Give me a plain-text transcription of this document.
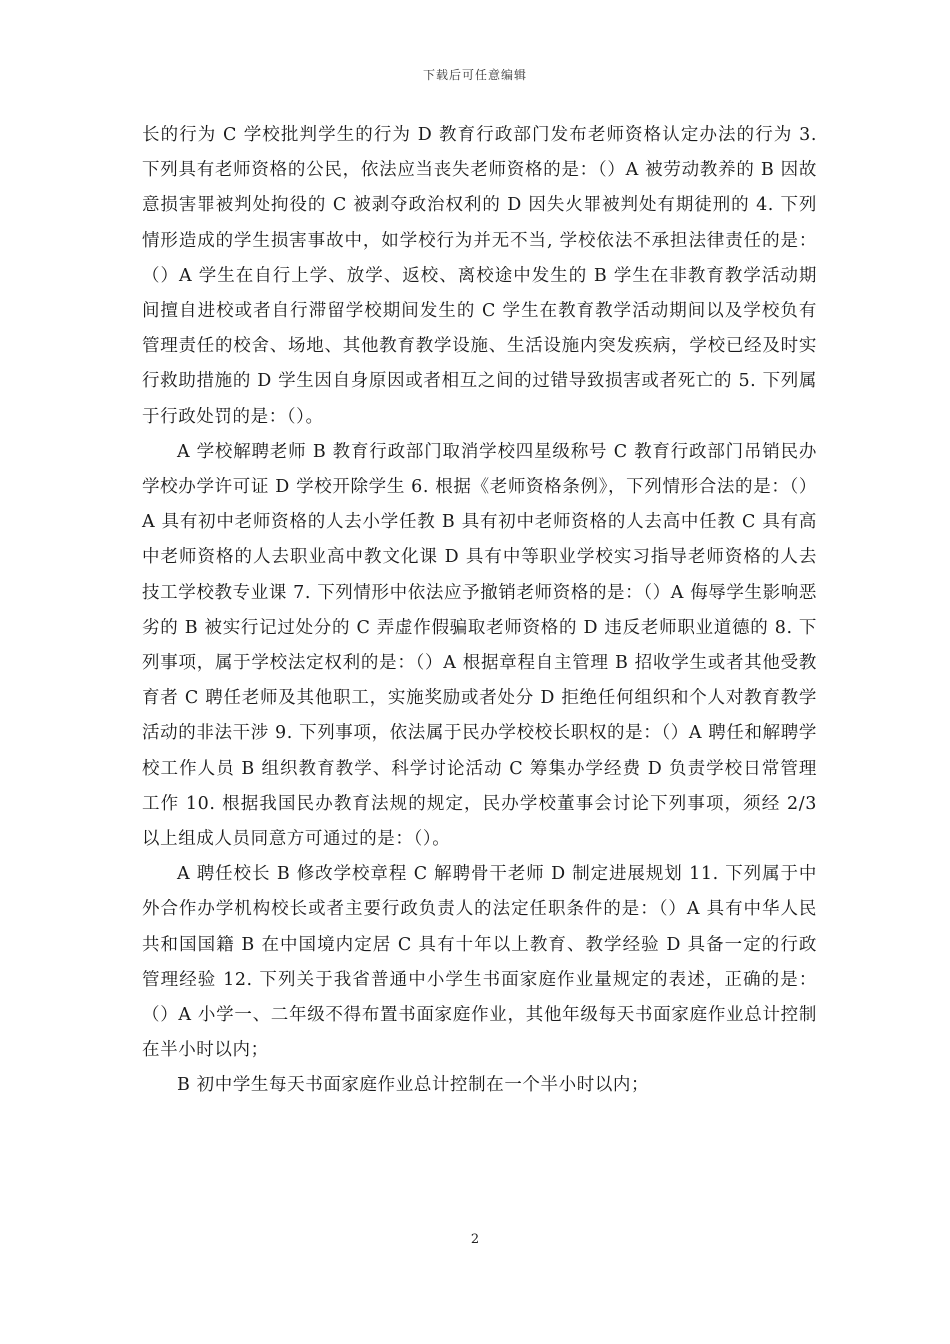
下载后可任意编辑

长的行为 C 学校批判学生的行为 D 教育行政部门发布老师资格认定办法的行为 3. 下列具有老师资格的公民，依法应当丧失老师资格的是：（）A 被劳动教养的 B 因故意损害罪被判处拘役的 C 被剥夺政治权利的 D 因失火罪被判处有期徒刑的 4. 下列情形造成的学生损害事故中，如学校行为并无不当, 学校依法不承担法律责任的是：（）A 学生在自行上学、放学、返校、离校途中发生的 B 学生在非教育教学活动期间擅自进校或者自行滞留学校期间发生的 C 学生在教育教学活动期间以及学校负有管理责任的校舍、场地、其他教育教学设施、生活设施内突发疾病，学校已经及时实行救助措施的 D 学生因自身原因或者相互之间的过错导致损害或者死亡的 5. 下列属于行政处罚的是：（）。

A 学校解聘老师 B 教育行政部门取消学校四星级称号 C 教育行政部门吊销民办学校办学许可证 D 学校开除学生 6. 根据《老师资格条例》，下列情形合法的是：（）A 具有初中老师资格的人去小学任教 B 具有初中老师资格的人去高中任教 C 具有高中老师资格的人去职业高中教文化课 D 具有中等职业学校实习指导老师资格的人去技工学校教专业课 7. 下列情形中依法应予撤销老师资格的是：（）A 侮辱学生影响恶劣的 B 被实行记过处分的 C 弄虚作假骗取老师资格的 D 违反老师职业道德的 8. 下列事项，属于学校法定权利的是：（）A 根据章程自主管理 B 招收学生或者其他受教育者 C 聘任老师及其他职工，实施奖励或者处分 D 拒绝任何组织和个人对教育教学活动的非法干涉 9. 下列事项，依法属于民办学校校长职权的是：（）A 聘任和解聘学校工作人员 B 组织教育教学、科学讨论活动 C 筹集办学经费 D 负责学校日常管理工作 10. 根据我国民办教育法规的规定，民办学校董事会讨论下列事项，须经 2/3 以上组成人员同意方可通过的是：（）。

A 聘任校长 B 修改学校章程 C 解聘骨干老师 D 制定进展规划 11. 下列属于中外合作办学机构校长或者主要行政负责人的法定任职条件的是：（）A 具有中华人民共和国国籍 B 在中国境内定居 C 具有十年以上教育、教学经验 D 具备一定的行政管理经验 12. 下列关于我省普通中小学生书面家庭作业量规定的表述，正确的是：（）A 小学一、二年级不得布置书面家庭作业，其他年级每天书面家庭作业总计控制在半小时以内；

B 初中学生每天书面家庭作业总计控制在一个半小时以内；

2
